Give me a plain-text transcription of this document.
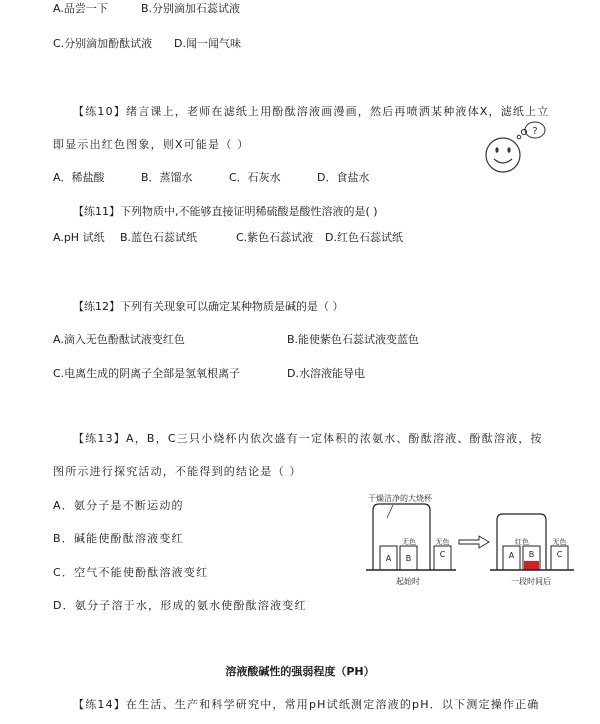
A.品尝一下	B.分别滴加石蕊试液
C.分别滴加酚酞试液 D.闻一闻气味
【练10】绪言课上，老师在滤纸上用酚酞溶液画漫画，然后再喷洒某种液体X，滤纸上立
即显示出红色图象，则X可能是（ ）
?
A．稀盐酸	B．蒸馏水	C．石灰水	D．食盐水
【练11】下列物质中,不能够直接证明稀硫酸是酸性溶液的是( )
A.pH 试纸 B.蓝色石蕊试纸	C.紫色石蕊试液 D.红色石蕊试纸
【练12】下列有关现象可以确定某种物质是碱的是（ ）
A.滴入无色酚酞试液变红色	B.能使紫色石蕊试液变蓝色
C.电离生成的阴离子全部是氢氧根离子	D.水溶液能导电
【练13】A，B，C三只小烧杯内依次盛有一定体积的浓氨水、酚酞溶液、酚酞溶液，按
图所示进行探究活动，不能得到的结论是（ ）
A．氨分子是不断运动的
B．碱能使酚酞溶液变红
C．空气不能使酚酞溶液变红
D．氨分子溶于水，形成的氨水使酚酞溶液变红
干燥洁净的大烧杯
A B
无色
C
无色
起始时
A B
红色
C
无色
一段时间后
溶液酸碱性的强弱程度（PH）
【练14】在生活、生产和科学研究中，常用pH试纸测定溶液的pH．以下测定操作正确
